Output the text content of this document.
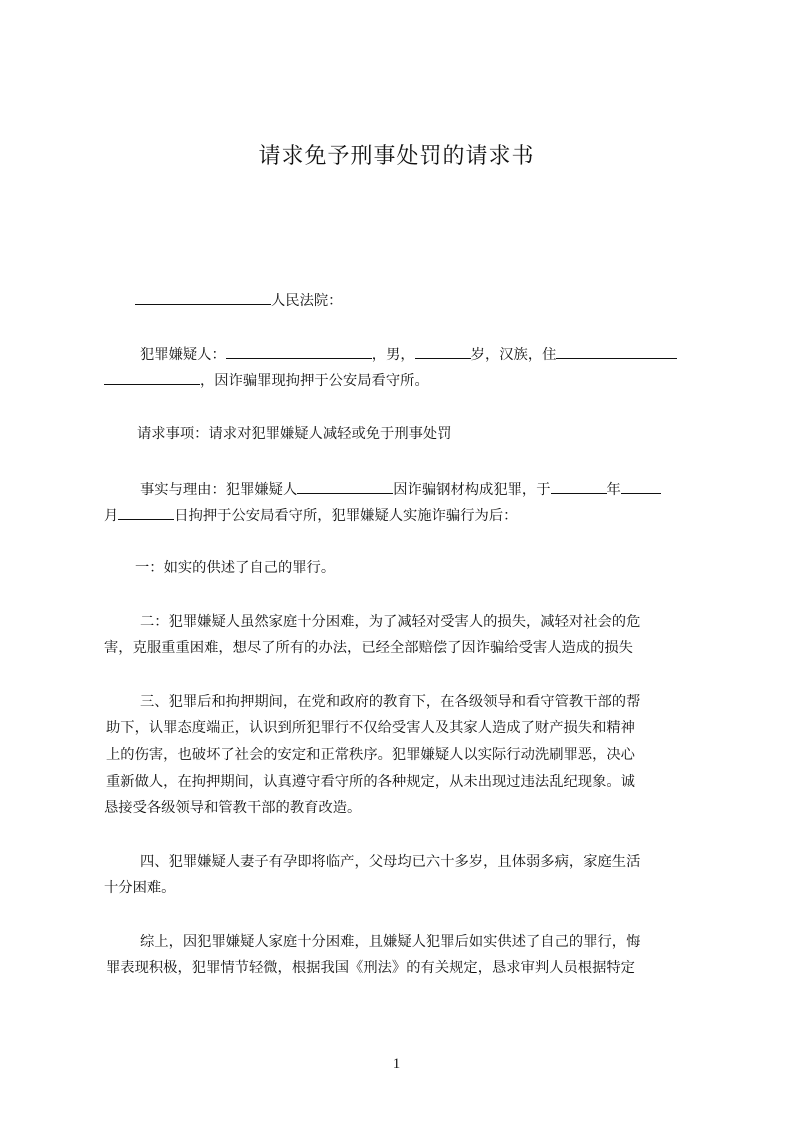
请求免予刑事处罚的请求书
人民法院：
犯罪嫌疑人：	，男，	岁，汉族，住
，因诈骗罪现拘押于公安局看守所。
请求事项：请求对犯罪嫌疑人减轻或免于刑事处罚
事实与理由：犯罪嫌疑人	因诈骗钢材构成犯罪，于	年
月	日拘押于公安局看守所，犯罪嫌疑人实施诈骗行为后：
一：如实的供述了自己的罪行。
二：犯罪嫌疑人虽然家庭十分困难，为了减轻对受害人的损失，减轻对社会的危
害，克服重重困难，想尽了所有的办法，已经全部赔偿了因诈骗给受害人造成的损失
三、犯罪后和拘押期间，在党和政府的教育下，在各级领导和看守管教干部的帮
助下，认罪态度端正，认识到所犯罪行不仅给受害人及其家人造成了财产损失和精神
上的伤害，也破坏了社会的安定和正常秩序。犯罪嫌疑人以实际行动洗刷罪恶，决心
重新做人，在拘押期间，认真遵守看守所的各种规定，从未出现过违法乱纪现象。诚
恳接受各级领导和管教干部的教育改造。
四、犯罪嫌疑人妻子有孕即将临产，父母均已六十多岁，且体弱多病，家庭生活
十分困难。
综上，因犯罪嫌疑人家庭十分困难，且嫌疑人犯罪后如实供述了自己的罪行，悔
罪表现积极，犯罪情节轻微，根据我国《刑法》的有关规定，恳求审判人员根据特定
1
